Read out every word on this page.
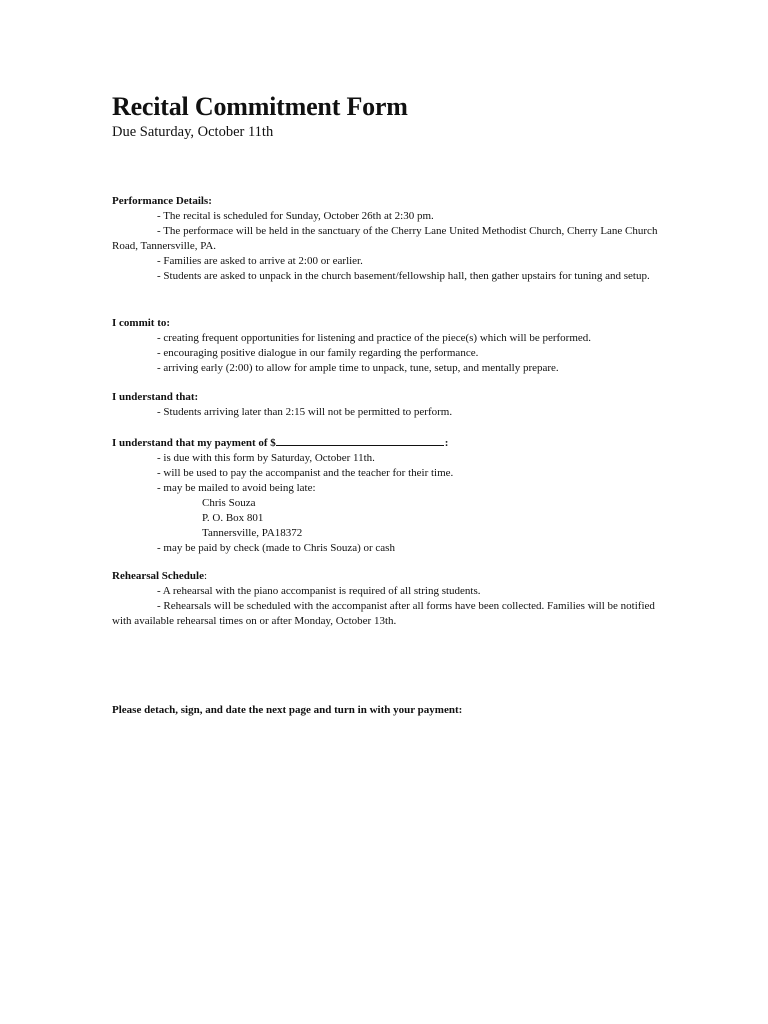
Recital Commitment Form
Due Saturday, October 11th
Performance Details:
- The recital is scheduled for Sunday, October 26th at 2:30 pm.
- The performace will be held in the sanctuary of the Cherry Lane United Methodist Church, Cherry Lane Church Road, Tannersville, PA.
- Families are asked to arrive at 2:00 or earlier.
- Students are asked to unpack in the church basement/fellowship hall, then gather upstairs for tuning and setup.
I commit to:
- creating frequent opportunities for listening and practice of the piece(s) which will be performed.
- encouraging positive dialogue in our family regarding the performance.
- arriving early (2:00) to allow for ample time to unpack, tune, setup, and mentally prepare.
I understand that:
- Students arriving later than 2:15 will not be permitted to perform.
I understand that my payment of $	:
- is due with this form by Saturday, October 11th.
- will be used to pay the accompanist and the teacher for their time.
- may be mailed to avoid being late:
Chris Souza
P. O. Box 801
Tannersville, PA18372
- may be paid by check (made to Chris Souza) or cash
Rehearsal Schedule:
- A rehearsal with the piano accompanist is required of all string students.
- Rehearsals will be scheduled with the accompanist after all forms have been collected. Families will be notified with available rehearsal times on or after Monday, October 13th.
Please detach, sign, and date the next page and turn in with your payment:
